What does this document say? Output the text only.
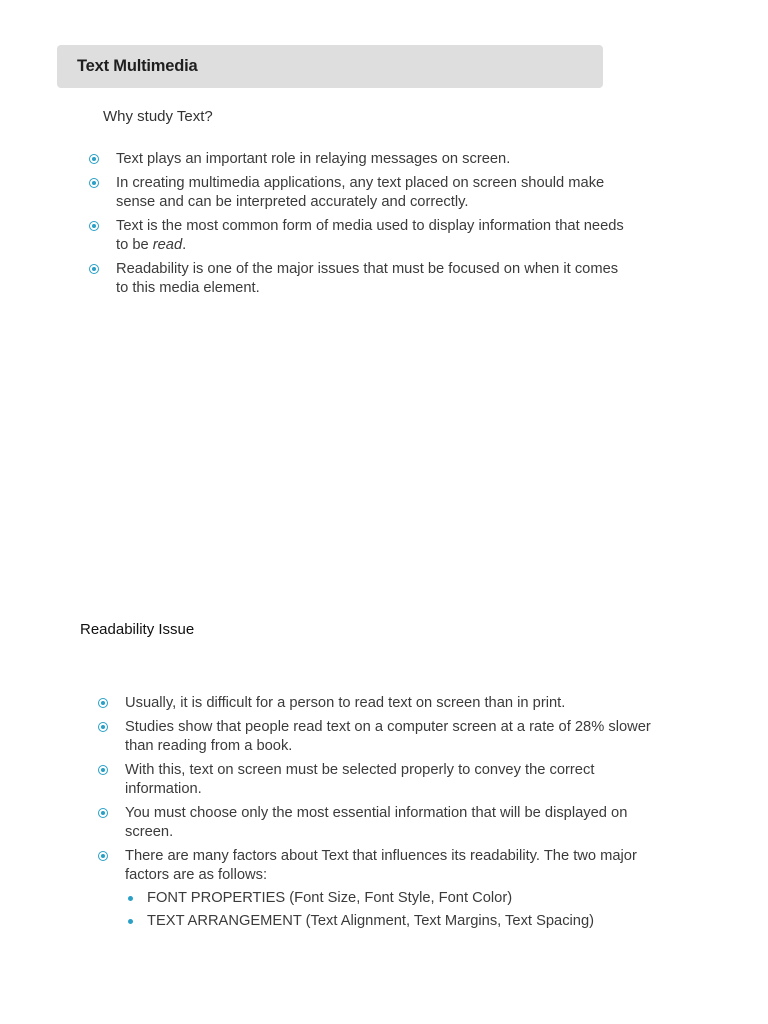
Text Multimedia
Why study Text?
Text plays an important role in relaying messages on screen.
In creating multimedia applications, any text placed on screen should make sense and can be interpreted accurately and correctly.
Text is the most common form of media used to display information that needs to be read.
Readability is one of the major issues that must be focused on when it comes to this media element.
Readability Issue
Usually, it is difficult for a person to read text on screen than in print.
Studies show that people read text on a computer screen at a rate of 28% slower than reading from a book.
With this, text on screen must be selected properly to convey the correct information.
You must choose only the most essential information that will be displayed on screen.
There are many factors about Text that influences its readability. The two major factors are as follows:
FONT PROPERTIES (Font Size, Font Style, Font Color)
TEXT ARRANGEMENT (Text Alignment, Text Margins, Text Spacing)
